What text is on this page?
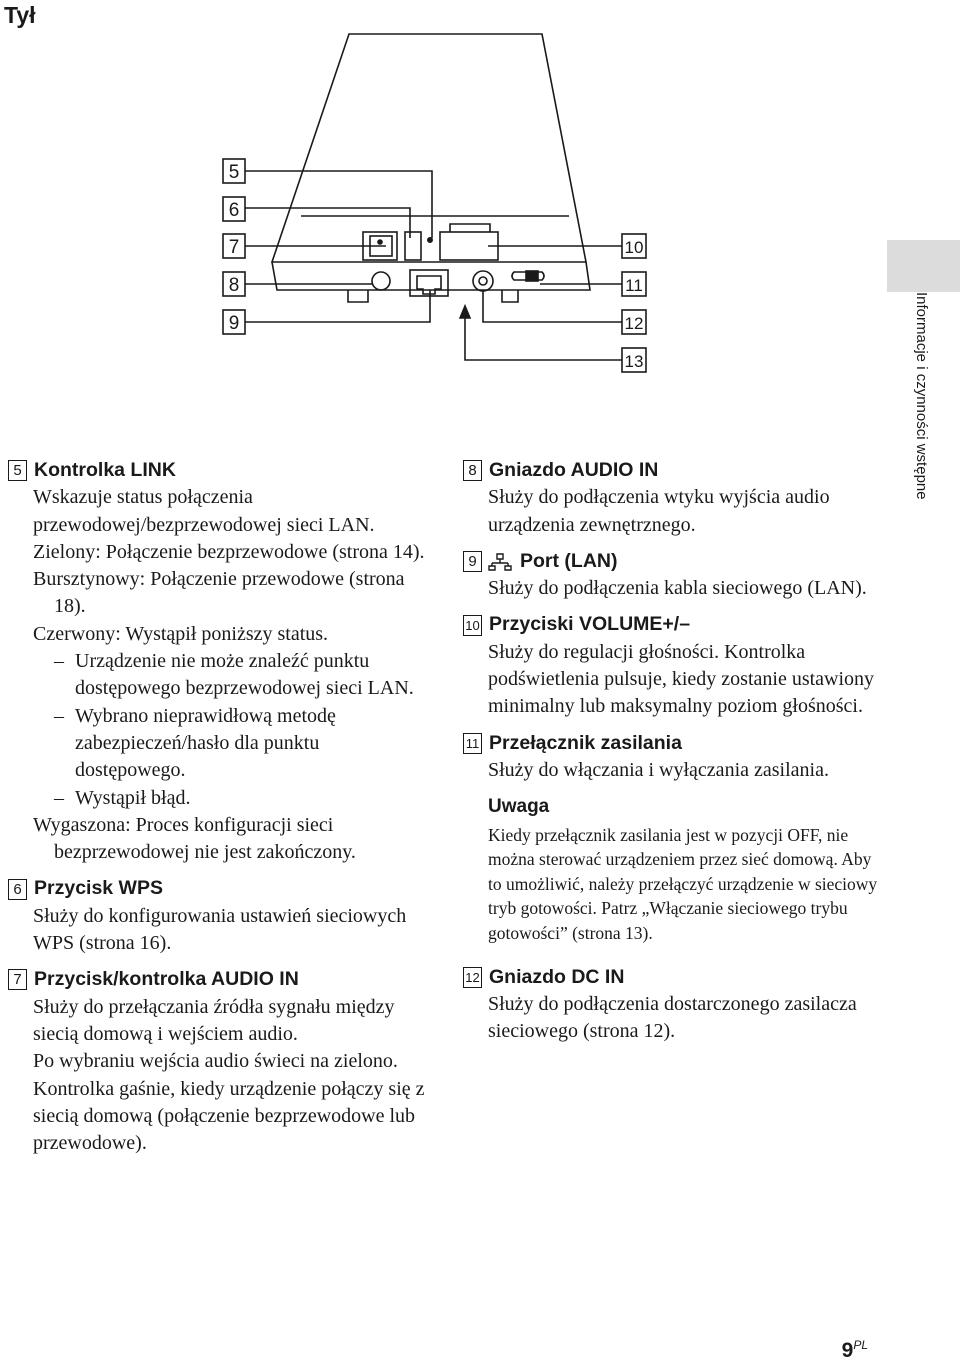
Tył
5
6
7
8
9
10
11
12
13	Informacje i czynności wstępne
5 Kontrolka LINK

Wskazuje status połączenia przewodowej/bezprzewodowej sieci LAN.

Zielony: Połączenie bezprzewodowe (strona 14).

Bursztynowy: Połączenie przewodowe (strona 18).

Czerwony: Wystąpił poniższy status.

– Urządzenie nie może znaleźć punktu dostępowego bezprzewodowej sieci LAN.

– Wybrano nieprawidłową metodę zabezpieczeń/hasło dla punktu dostępowego.

– Wystąpił błąd.

Wygaszona: Proces konfiguracji sieci bezprzewodowej nie jest zakończony.

6 Przycisk WPS

Służy do konfigurowania ustawień sieciowych WPS (strona 16).

7 Przycisk/kontrolka AUDIO IN

Służy do przełączania źródła sygnału między siecią domową i wejściem audio.

Po wybraniu wejścia audio świeci na zielono.

Kontrolka gaśnie, kiedy urządzenie połączy się z siecią domową (połączenie bezprzewodowe lub przewodowe).

8 Gniazdo AUDIO IN

Służy do podłączenia wtyku wyjścia audio urządzenia zewnętrznego.

9 Port (LAN)

Służy do podłączenia kabla sieciowego (LAN).

10 Przyciski VOLUME+/–

Służy do regulacji głośności. Kontrolka podświetlenia pulsuje, kiedy zostanie ustawiony minimalny lub maksymalny poziom głośności.

11 Przełącznik zasilania

Służy do włączania i wyłączania zasilania.

Uwaga

Kiedy przełącznik zasilania jest w pozycji OFF, nie można sterować urządzeniem przez sieć domową. Aby to umożliwić, należy przełączyć urządzenie w sieciowy tryb gotowości. Patrz „Włączanie sieciowego trybu gotowości” (strona 13).

12 Gniazdo DC IN

Służy do podłączenia dostarczonego zasilacza sieciowego (strona 12).

$9^{PL}$
